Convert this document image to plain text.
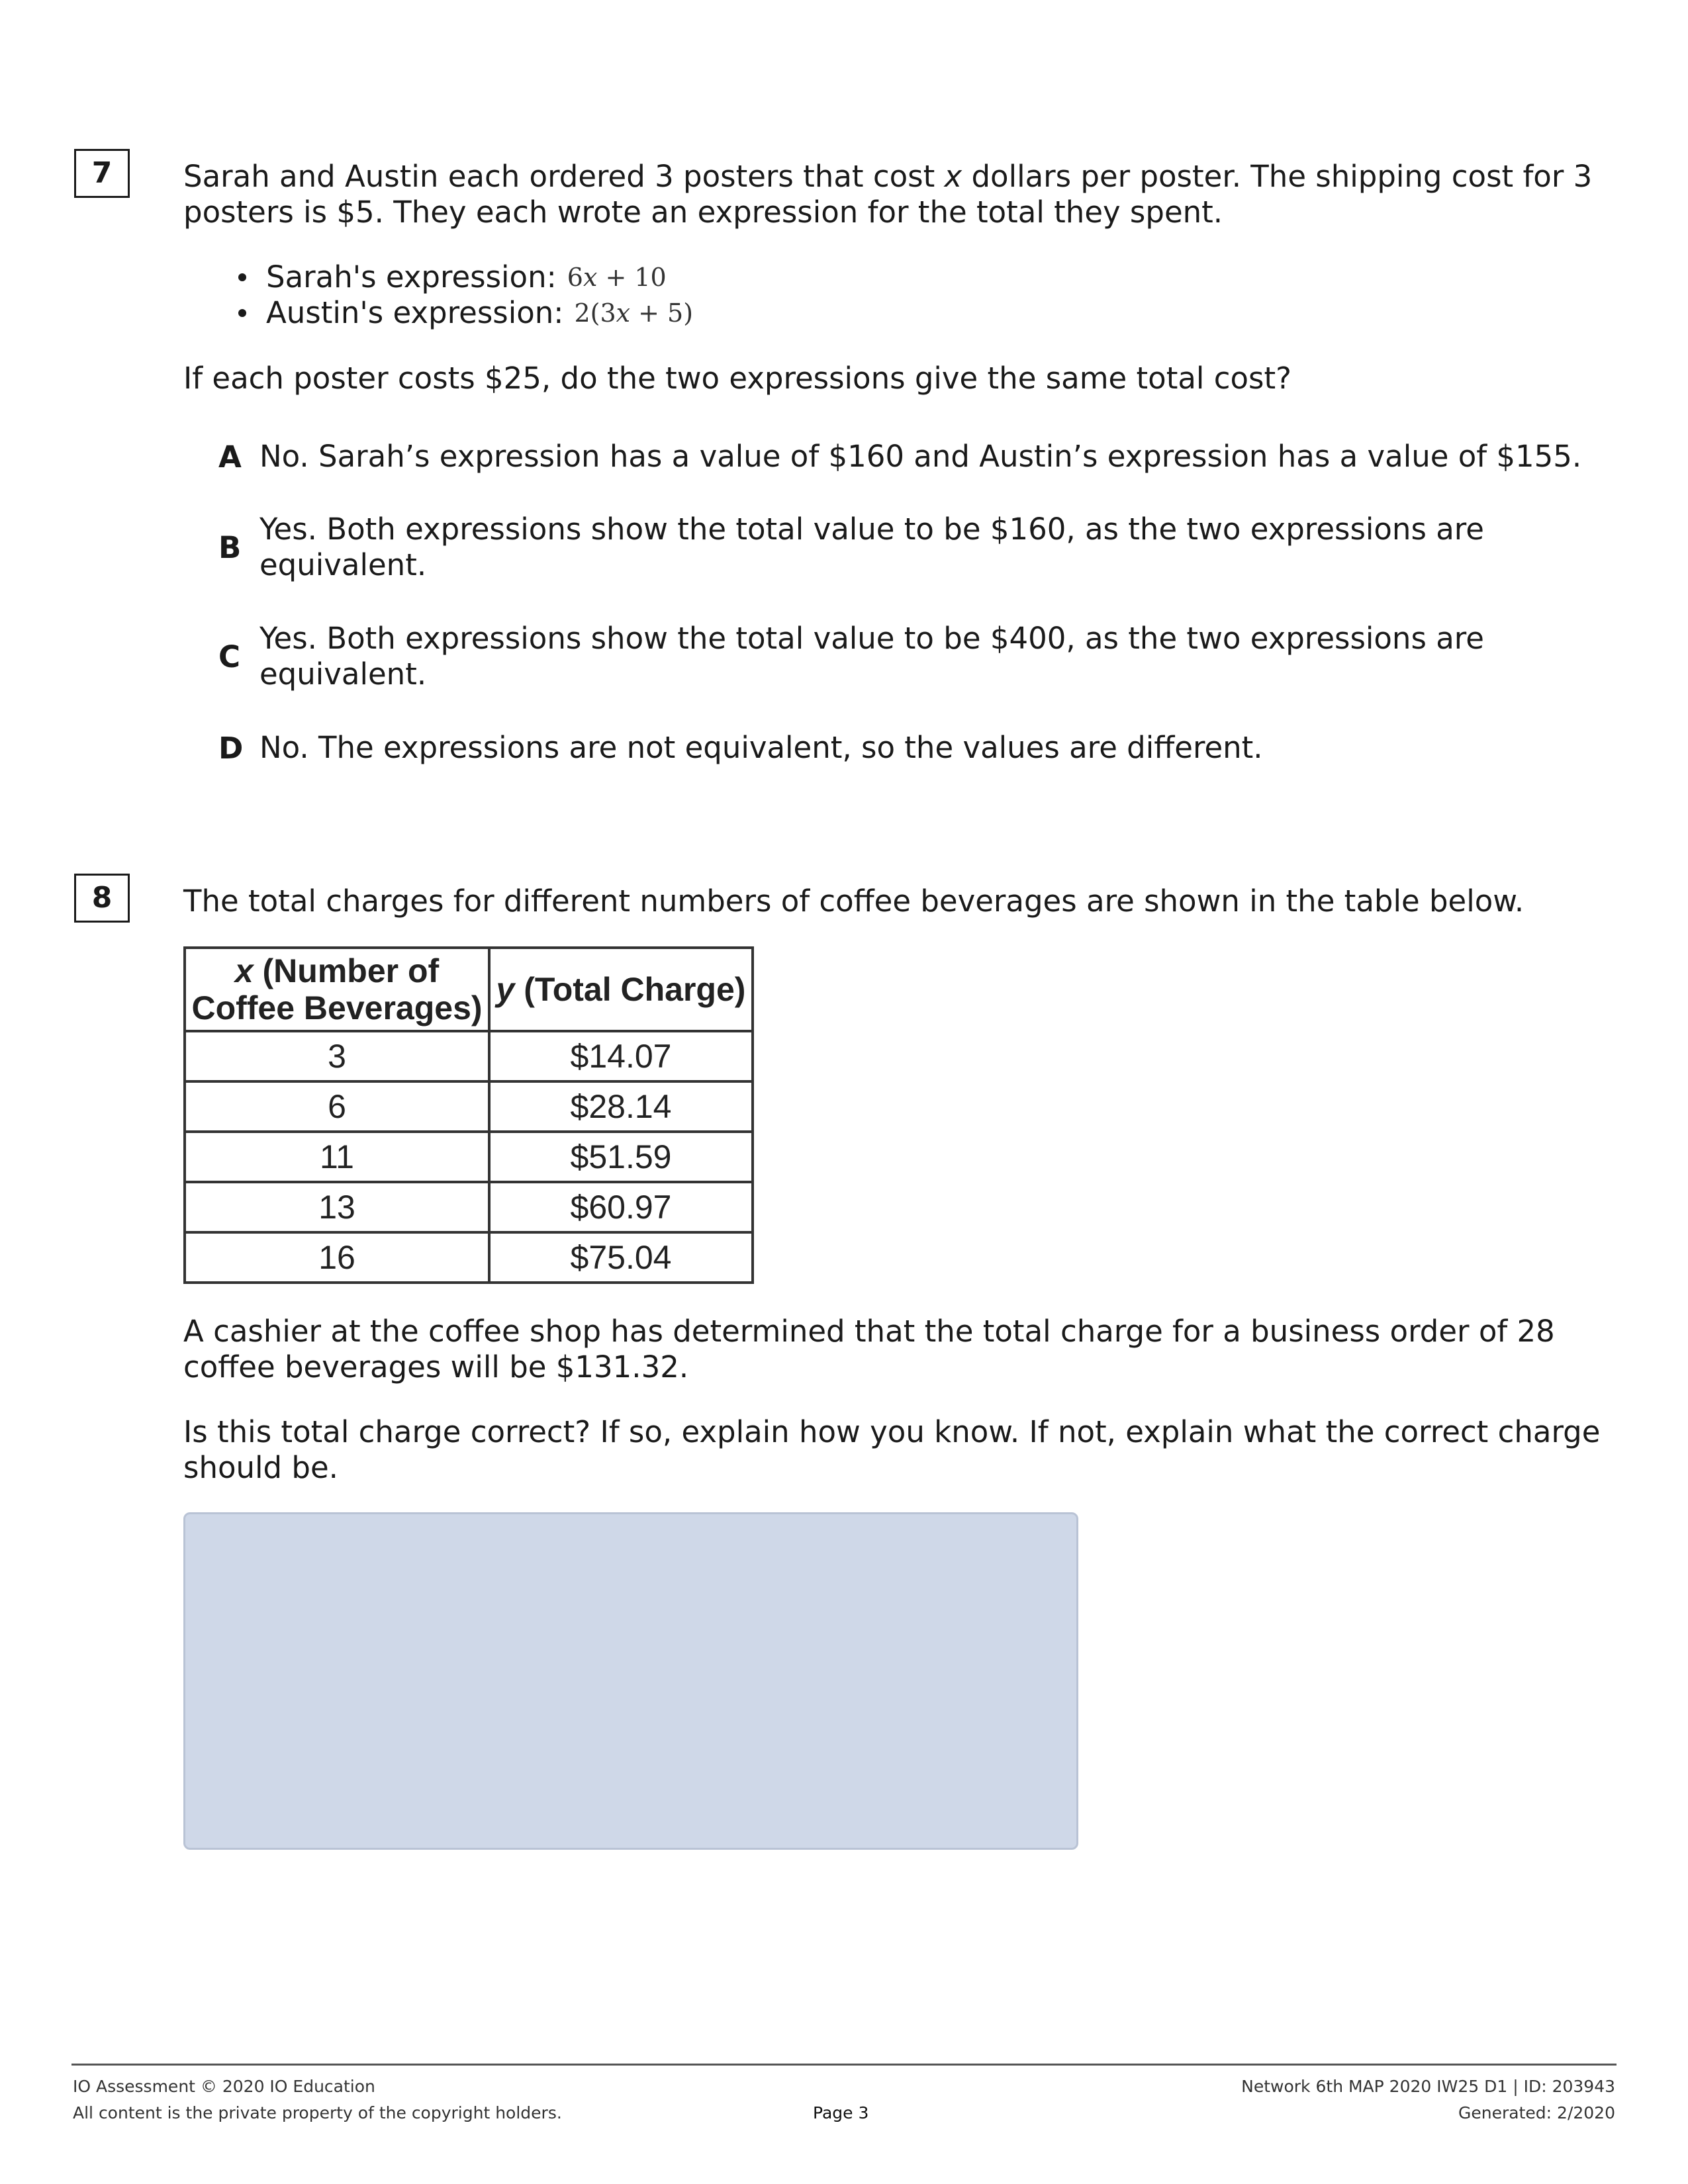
7	Sarah and Austin each ordered 3 posters that cost x dollars per poster. The shipping cost for 3 posters is $5. They each wrote an expression for the total they spent.
Sarah's expression: 6x + 10
Austin's expression: 2(3x + 5)
If each poster costs $25, do the two expressions give the same total cost?
A No. Sarah’s expression has a value of $160 and Austin’s expression has a value of $155.
B
Yes. Both expressions show the total value to be $160, as the two expressions are equivalent.
C
Yes. Both expressions show the total value to be $400, as the two expressions are equivalent.
D No. The expressions are not equivalent, so the values are different.
8	The total charges for different numbers of coffee beverages are shown in the table below.
x (Number of
Coffee Beverages)	y (Total Charge)
3	$14.07
6	$28.14
11	$51.59
13	$60.97
16	$75.04
A cashier at the coffee shop has determined that the total charge for a business order of 28 coffee beverages will be $131.32.
Is this total charge correct? If so, explain how you know. If not, explain what the correct charge should be.
IO Assessment © 2020 IO Education
All content is the private property of the copyright holders.	Page 3
Network 6th MAP 2020 IW25 D1 | ID: 203943
Generated: 2/2020
